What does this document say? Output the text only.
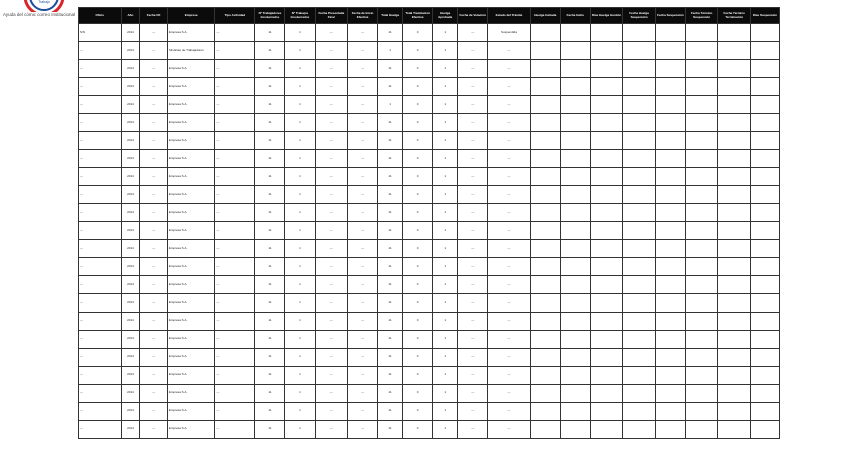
Trabajo
Ayuda del cómic correo Institucional	Oficio	Año	Fecha OF	Empresa	Tipo Actividad	Nº Trabajadores Involucrados	Nº Trabajos Involucrados	Fecha Presentada Final	Fecha de Inicio Efectiva	Total Huelga	Total Tramitación Efectiva	Huelga Aprobada	Fecha de Votación	Estado del Trámite	Huelga Iniciada	Fecha Inicio	Días Huelga Gestión	Fecha Huelga Suspensión	Fecha Suspensión	Fecha Término Suspensión	Fecha Término Terminación	Días Suspensión
S/N	2014	—	Empresa S.A.	—	11	1	—	—	11	0	1	—	Suspendida								
—	2014	—	Sindicato de Trabajadores	—	11	1	—	—	1	0	1	—	—								
—	2014	—	Empresa S.A.	—	11	1	—	—	11	0	1	—	—								
—	2014	—	Empresa S.A.	—	11	1	—	—	11	0	1	—	—								
—	2014	—	Empresa S.A.	—	11	1	—	—	1	0	1	—	—								
—	2014	—	Empresa S.A.	—	11	1	—	—	11	0	1	—	—								
—	2014	—	Empresa S.A.	—	11	1	—	—	11	0	1	—	—								
—	2014	—	Empresa S.A.	—	11	1	—	—	11	0	1	—	—								
—	2014	—	Empresa S.A.	—	11	1	—	—	11	0	1	—	—								
—	2014	—	Empresa S.A.	—	11	1	—	—	11	0	1	—	—								
—	2014	—	Empresa S.A.	—	11	1	—	—	11	0	1	—	—								
—	2014	—	Empresa S.A.	—	11	1	—	—	11	0	1	—	—								
—	2014	—	Empresa S.A.	—	11	1	—	—	11	0	1	—	—								
—	2014	—	Empresa S.A.	—	11	1	—	—	11	0	1	—	—								
—	2014	—	Empresa S.A.	—	11	1	—	—	11	0	1	—	—								
—	2014	—	Empresa S.A.	—	11	1	—	—	11	0	1	—	—								
—	2014	—	Empresa S.A.	—	11	1	—	—	11	0	1	—	—								
—	2014	—	Empresa S.A.	—	11	1	—	—	11	0	1	—	—								
—	2014	—	Empresa S.A.	—	11	1	—	—	11	0	1	—	—								
—	2014	—	Empresa S.A.	—	11	1	—	—	11	0	1	—	—								
—	2014	—	Empresa S.A.	—	11	1	—	—	11	0	1	—	—								
—	2014	—	Empresa S.A.	—	11	1	—	—	11	0	1	—	—								
—	2014	—	Empresa S.A.	—	11	1	—	—	11	0	1	—	—								
